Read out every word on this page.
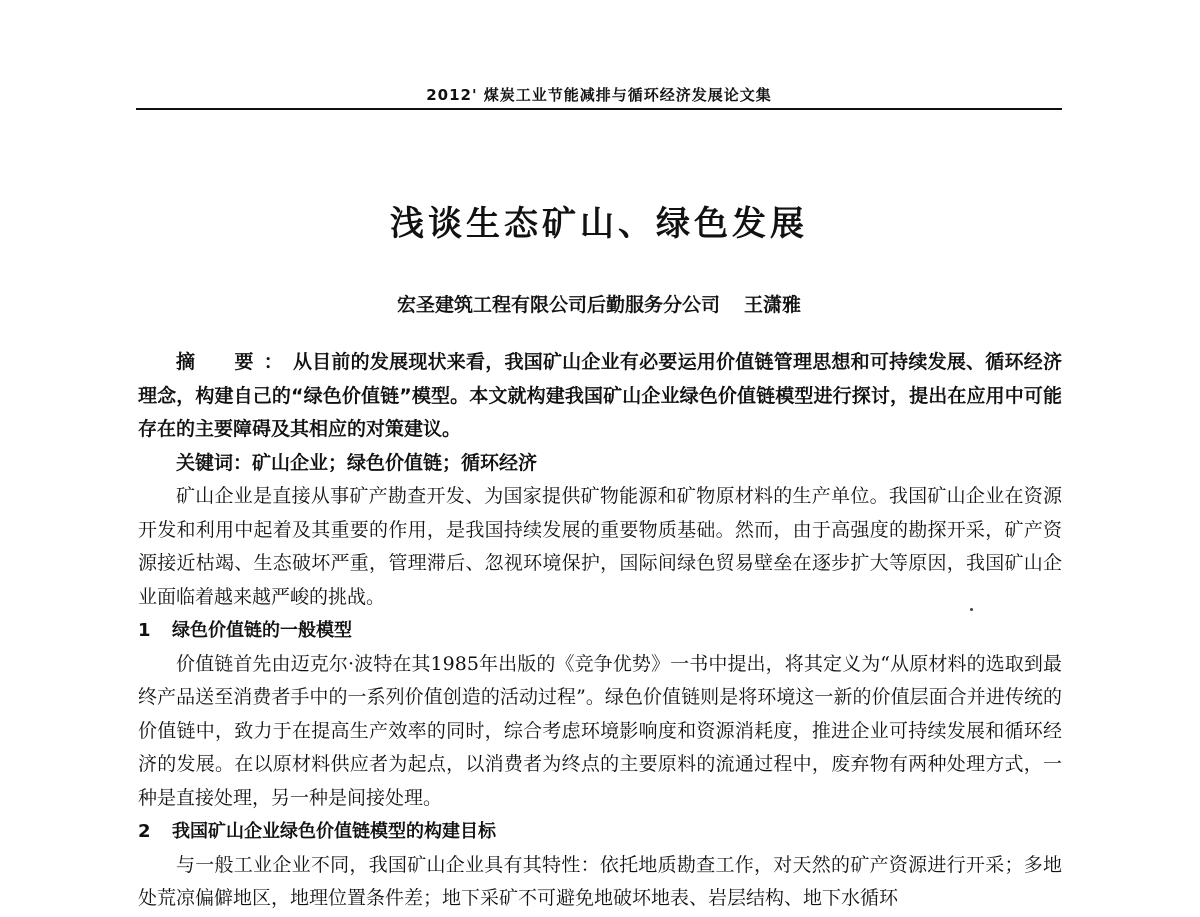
2012' 煤炭工业节能减排与循环经济发展论文集
浅谈生态矿山、绿色发展
宏圣建筑工程有限公司后勤服务分公司 王潇雅

摘　要：从目前的发展现状来看，我国矿山企业有必要运用价值链管理思想和可持续发展、循环经济理念，构建自己的“绿色价值链”模型。本文就构建我国矿山企业绿色价值链模型进行探讨，提出在应用中可能存在的主要障碍及其相应的对策建议。

关键词：矿山企业；绿色价值链；循环经济

矿山企业是直接从事矿产勘查开发、为国家提供矿物能源和矿物原材料的生产单位。我国矿山企业在资源开发和利用中起着及其重要的作用，是我国持续发展的重要物质基础。然而，由于高强度的勘探开采，矿产资源接近枯竭、生态破坏严重，管理滞后、忽视环境保护，国际间绿色贸易壁垒在逐步扩大等原因，我国矿山企业面临着越来越严峻的挑战。

1 绿色价值链的一般模型

价值链首先由迈克尔·波特在其1985年出版的《竞争优势》一书中提出，将其定义为“从原材料的选取到最终产品送至消费者手中的一系列价值创造的活动过程”。绿色价值链则是将环境这一新的价值层面合并进传统的价值链中，致力于在提高生产效率的同时，综合考虑环境影响度和资源消耗度，推进企业可持续发展和循环经济的发展。在以原材料供应者为起点，以消费者为终点的主要原料的流通过程中，废弃物有两种处理方式，一种是直接处理，另一种是间接处理。

2 我国矿山企业绿色价值链模型的构建目标

与一般工业企业不同，我国矿山企业具有其特性：依托地质勘查工作，对天然的矿产资源进行开采；多地处荒凉偏僻地区，地理位置条件差；地下采矿不可避免地破坏地表、岩层结构、地下水循环
